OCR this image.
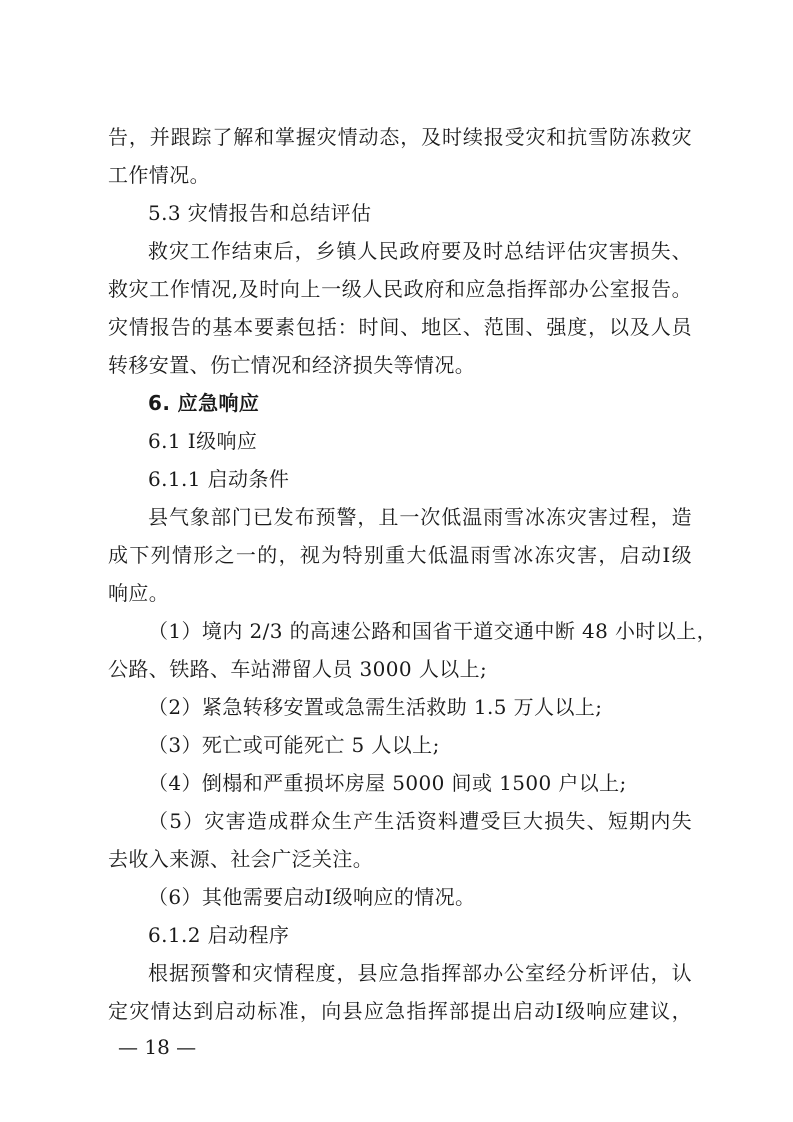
告，并跟踪了解和掌握灾情动态，及时续报受灾和抗雪防冻救灾
工作情况。
5.3 灾情报告和总结评估
救灾工作结束后，乡镇人民政府要及时总结评估灾害损失、
救灾工作情况,及时向上一级人民政府和应急指挥部办公室报告。
灾情报告的基本要素包括：时间、地区、范围、强度，以及人员
转移安置、伤亡情况和经济损失等情况。
6. 应急响应
6.1 Ⅰ级响应
6.1.1 启动条件
县气象部门已发布预警，且一次低温雨雪冰冻灾害过程，造
成下列情形之一的，视为特别重大低温雨雪冰冻灾害，启动Ⅰ级
响应。
（1）境内 2/3 的高速公路和国省干道交通中断 48 小时以上，
公路、铁路、车站滞留人员 3000 人以上;
（2）紧急转移安置或急需生活救助 1.5 万人以上;
（3）死亡或可能死亡 5 人以上;
（4）倒榻和严重损坏房屋 5000 间或 1500 户以上;
（5）灾害造成群众生产生活资料遭受巨大损失、短期内失
去收入来源、社会广泛关注。
（6）其他需要启动Ⅰ级响应的情况。
6.1.2 启动程序
根据预警和灾情程度，县应急指挥部办公室经分析评估，认
定灾情达到启动标准，向县应急指挥部提出启动Ⅰ级响应建议，
— 18 —
